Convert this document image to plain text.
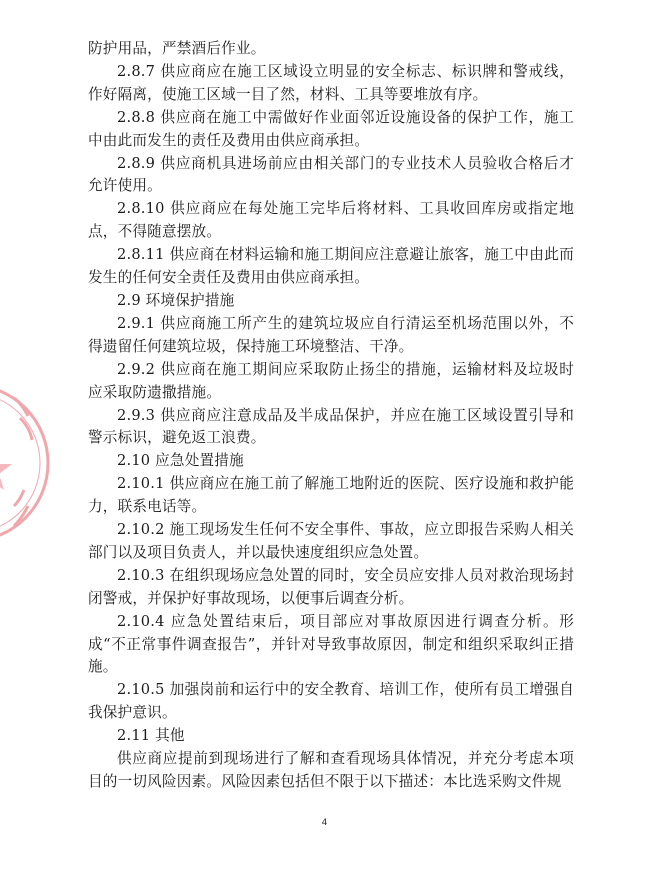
防护用品，严禁酒后作业。

2.8.7 供应商应在施工区域设立明显的安全标志、标识牌和警戒线，作好隔离，使施工区域一目了然，材料、工具等要堆放有序。

2.8.8 供应商在施工中需做好作业面邻近设施设备的保护工作，施工中由此而发生的责任及费用由供应商承担。

2.8.9 供应商机具进场前应由相关部门的专业技术人员验收合格后才允许使用。

2.8.10 供应商应在每处施工完毕后将材料、工具收回库房或指定地点，不得随意摆放。

2.8.11 供应商在材料运输和施工期间应注意避让旅客，施工中由此而发生的任何安全责任及费用由供应商承担。

2.9 环境保护措施

2.9.1 供应商施工所产生的建筑垃圾应自行清运至机场范围以外，不得遗留任何建筑垃圾，保持施工环境整洁、干净。

2.9.2 供应商在施工期间应采取防止扬尘的措施，运输材料及垃圾时应采取防遗撒措施。

2.9.3 供应商应注意成品及半成品保护，并应在施工区域设置引导和警示标识，避免返工浪费。

2.10 应急处置措施

2.10.1 供应商应在施工前了解施工地附近的医院、医疗设施和救护能力，联系电话等。

2.10.2 施工现场发生任何不安全事件、事故，应立即报告采购人相关部门以及项目负责人，并以最快速度组织应急处置。

2.10.3 在组织现场应急处置的同时，安全员应安排人员对救治现场封闭警戒，并保护好事故现场，以便事后调查分析。

2.10.4 应急处置结束后，项目部应对事故原因进行调查分析。形成“不正常事件调查报告”，并针对导致事故原因，制定和组织采取纠正措施。

2.10.5 加强岗前和运行中的安全教育、培训工作，使所有员工增强自我保护意识。

2.11 其他

供应商应提前到现场进行了解和查看现场具体情况，并充分考虑本项目的一切风险因素。风险因素包括但不限于以下描述：本比选采购文件规

4
